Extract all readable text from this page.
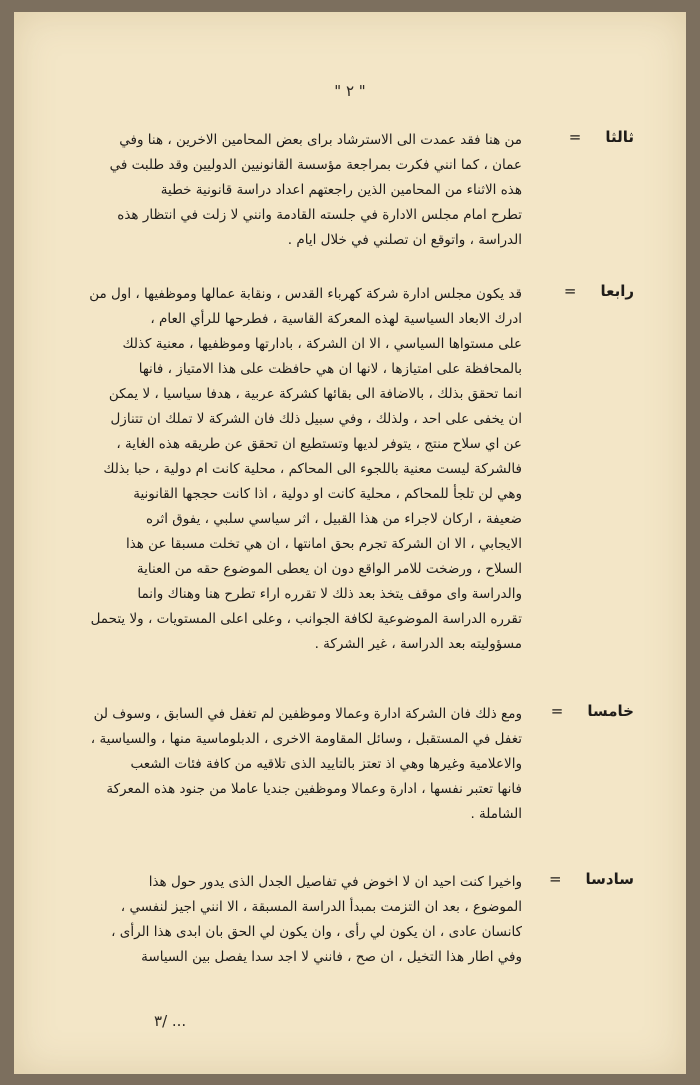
" ٢ "
ثالثا=
من هنا فقد عمدت الى الاسترشاد براى بعض المحامين الاخرين ، هنا وفي
عمان ، كما انني فكرت بمراجعة مؤسسة القانونيين الدوليين وقد طلبت في
هذه الاثناء من المحامين الذين راجعتهم اعداد دراسة قانونية خطية
تطرح امام مجلس الادارة في جلسته القادمة وانني لا زلت في انتظار هذه
الدراسة ، واتوقع ان تصلني في خلال ايام .
رابعا=
قد يكون مجلس ادارة شركة كهرباء القدس ، ونقابة عمالها وموظفيها ، اول من
ادرك الابعاد السياسية لهذه المعركة القاسية ، فطرحها للرأي العام ،
على مستواها السياسي ، الا ان الشركة ، بادارتها وموظفيها ، معنية كذلك
بالمحافظة على امتيازها ، لانها ان هي حافظت على هذا الامتياز ، فانها
انما تحقق بذلك ، بالاضافة الى بقائها كشركة عربية ، هدفا سياسيا ، لا يمكن
ان يخفى على احد ، ولذلك ، وفي سبيل ذلك فان الشركة لا تملك ان تتنازل
عن اي سلاح منتج ، يتوفر لديها وتستطيع ان تحقق عن طريقه هذه الغاية ،
فالشركة ليست معنية باللجوء الى المحاكم ، محلية كانت ام دولية ، حبا بذلك
وهي لن تلجأ للمحاكم ، محلية كانت او دولية ، اذا كانت حججها القانونية
ضعيفة ، اركان لاجراء من هذا القبيل ، اثر سياسي سلبي ، يفوق اثره
الايجابي ، الا ان الشركة تجرم بحق امانتها ، ان هي تخلت مسبقا عن هذا
السلاح ، ورضخت للامر الواقع دون ان يعطى الموضوع حقه من العناية
والدراسة واى موقف يتخذ بعد ذلك لا تقرره اراء تطرح هنا وهناك وانما
تقرره الدراسة الموضوعية لكافة الجوانب ، وعلى اعلى المستويات ، ولا يتحمل
مسؤوليته بعد الدراسة ، غير الشركة .
خامسا=
ومع ذلك فان الشركة ادارة وعمالا وموظفين لم تغفل في السابق ، وسوف لن
تغفل في المستقبل ، وسائل المقاومة الاخرى ، الدبلوماسية منها ، والسياسية ،
والاعلامية وغيرها وهي اذ تعتز بالتاييد الذى تلاقيه من كافة فئات الشعب
فانها تعتبر نفسها ، ادارة وعمالا وموظفين جنديا عاملا من جنود هذه المعركة
الشاملة .
سادسا=
واخيرا كنت احيد ان لا اخوض في تفاصيل الجدل الذى يدور حول هذا
الموضوع ، بعد ان التزمت بمبدأ الدراسة المسبقة ، الا انني اجيز لنفسي ،
كانسان عادى ، ان يكون لي رأى ، وان يكون لي الحق بان ابدى هذا الرأى ،
وفي اطار هذا التخيل ، ان صح ، فانني لا اجد سدا يفصل بين السياسة
٣/ ...
